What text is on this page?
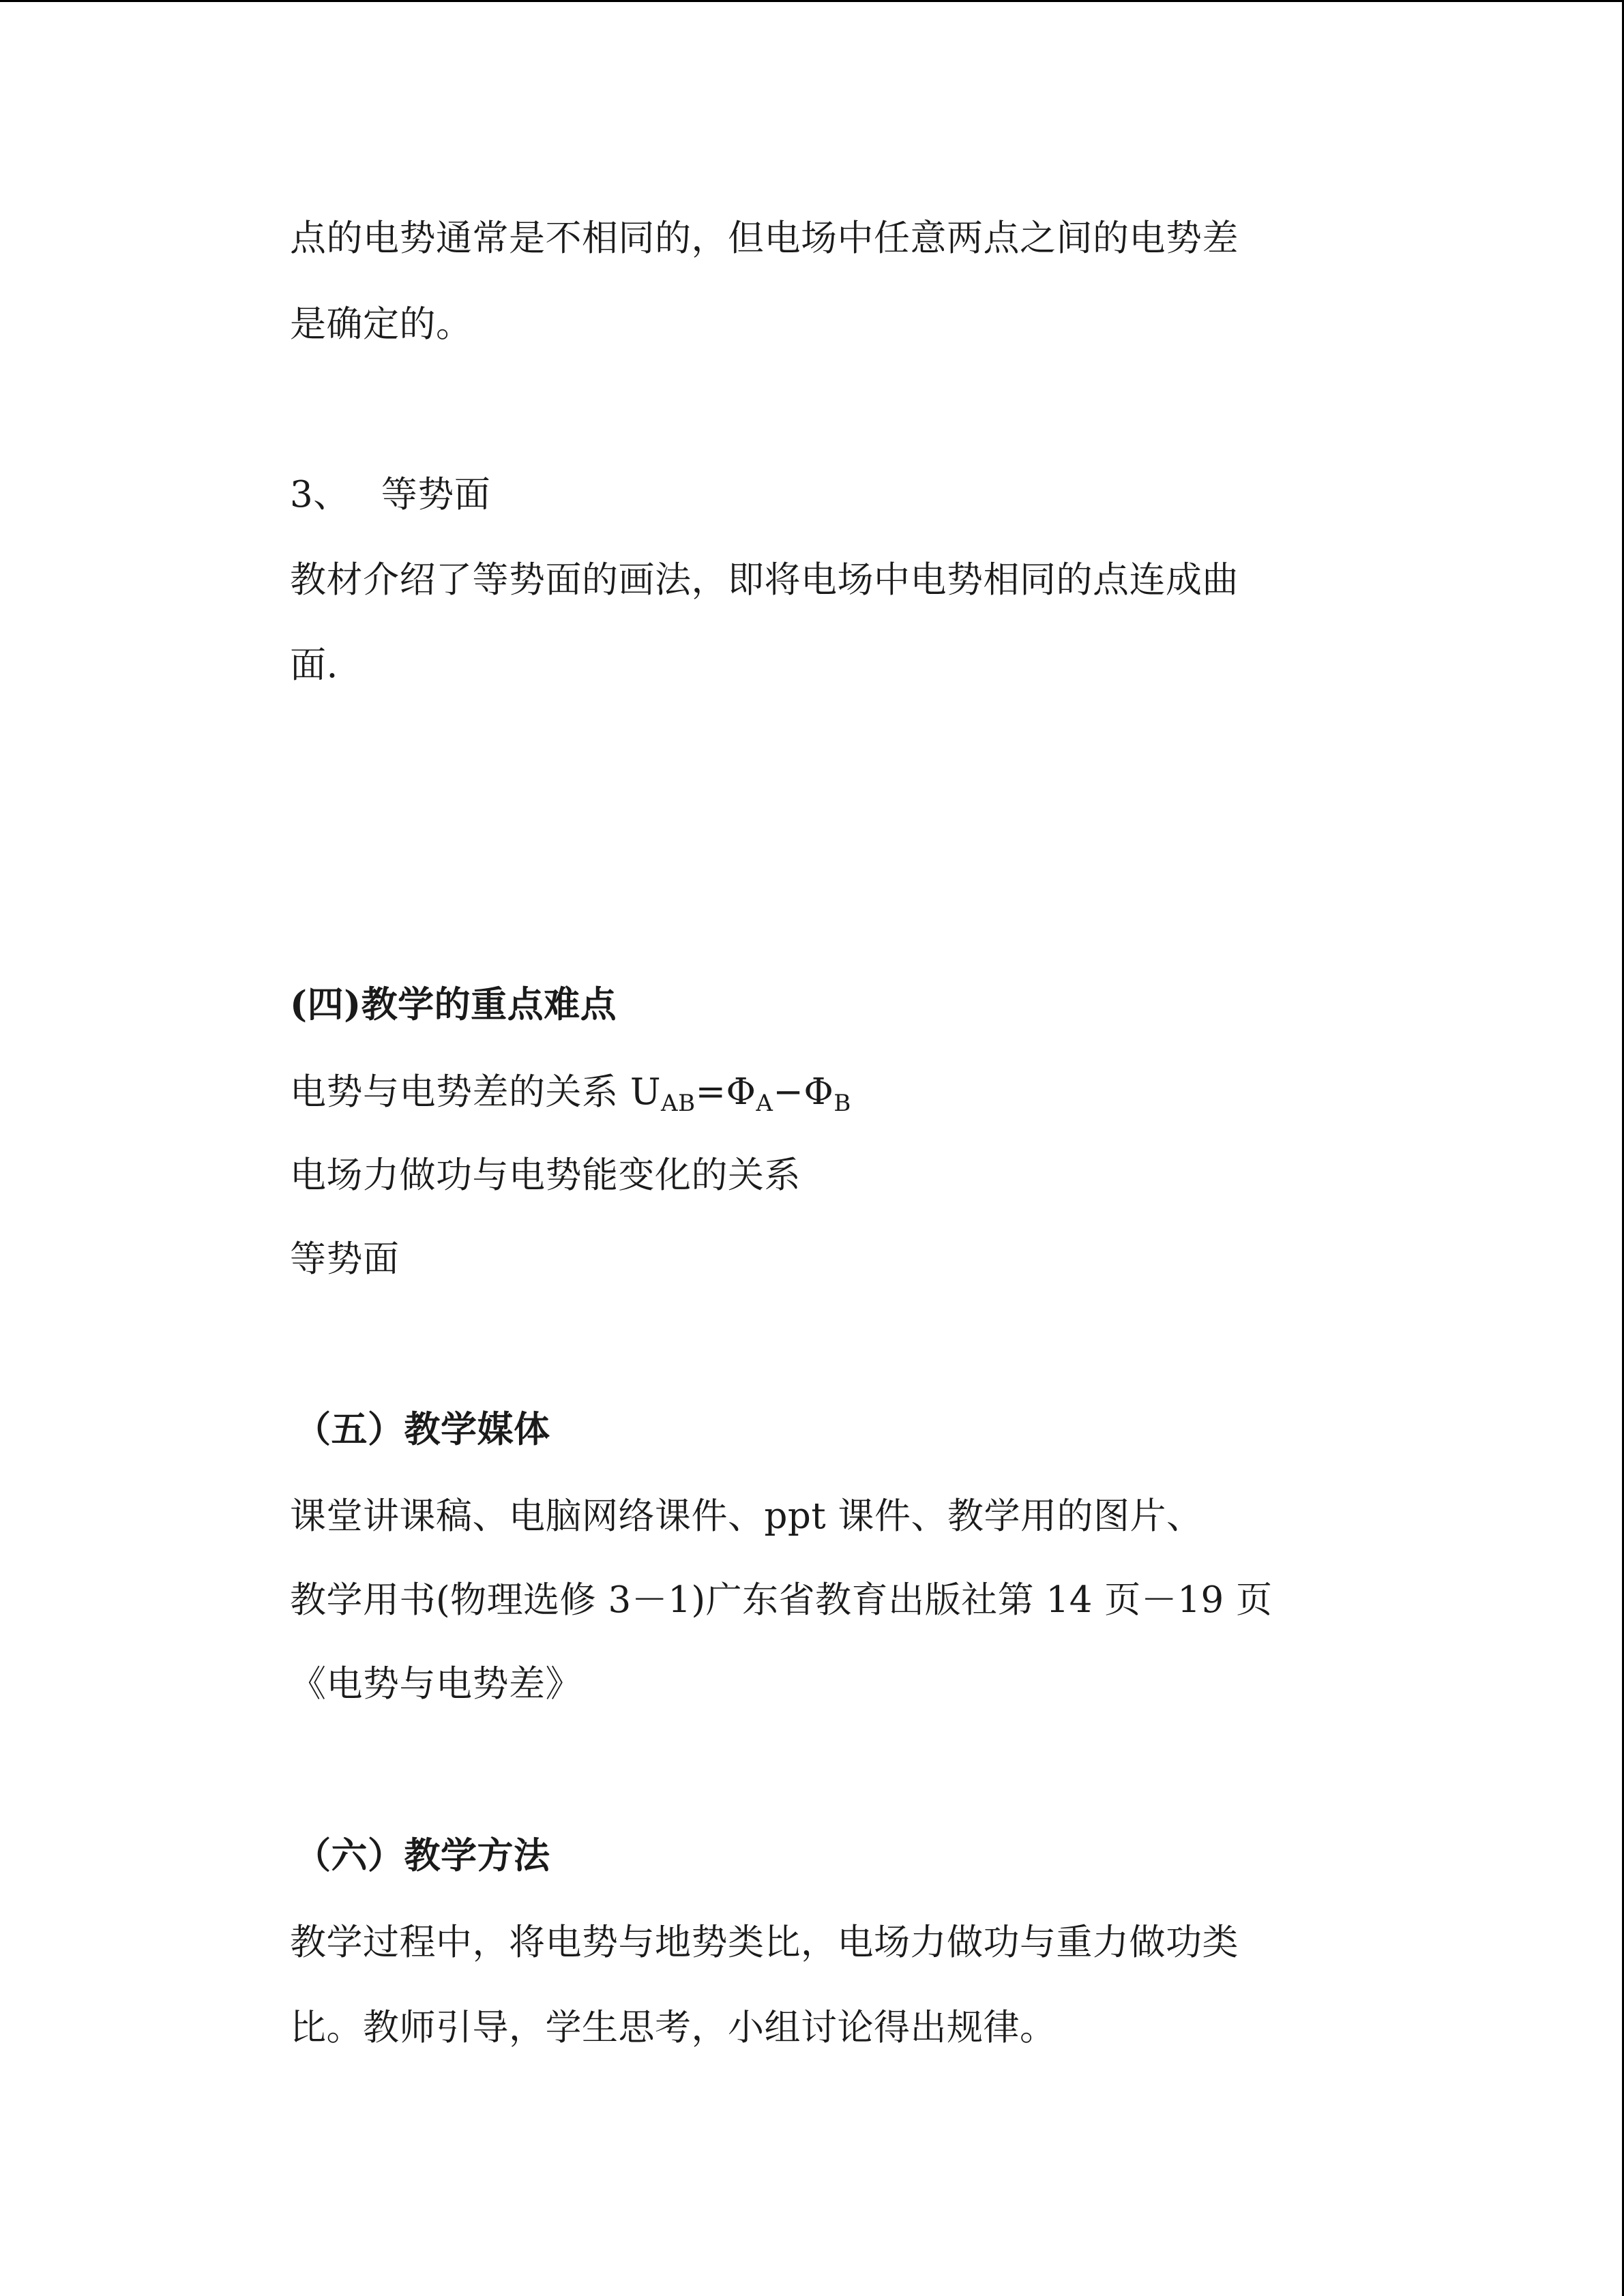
点的电势通常是不相同的，但电场中任意两点之间的电势差

是确定的。

3、 等势面

教材介绍了等势面的画法，即将电场中电势相同的点连成曲

面.

(四)教学的重点难点

电势与电势差的关系 $U_{AB}=\Phi_A-\Phi_B$

电场力做功与电势能变化的关系

等势面

（五）教学媒体

课堂讲课稿、电脑网络课件、ppt 课件、教学用的图片、

教学用书(物理选修 3－1)广东省教育出版社第 14 页－19 页

《电势与电势差》

（六）教学方法

教学过程中，将电势与地势类比，电场力做功与重力做功类

比。教师引导，学生思考，小组讨论得出规律。
